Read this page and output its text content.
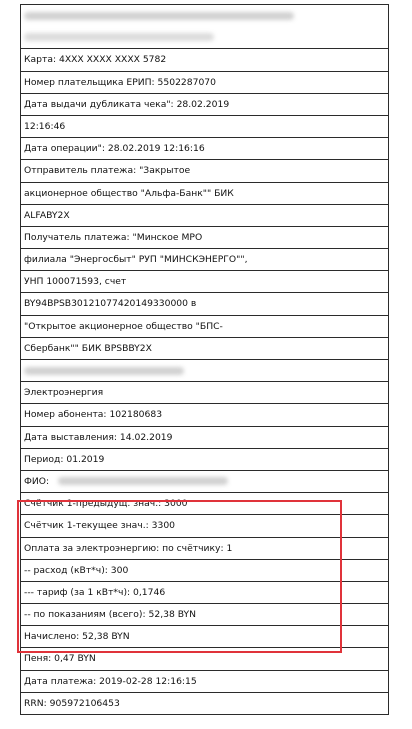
Карта: 4XXX XXXX XXXX 5782
Номер плательщика ЕРИП: 5502287070
Дата выдачи дубликата чека": 28.02.2019
12:16:46
Дата операции": 28.02.2019 12:16:16
Отправитель платежа: "Закрытое
акционерное общество "Альфа-Банк"" БИК
ALFABY2X
Получатель платежа: "Минское МРО
филиала "Энергосбыт" РУП "МИНСКЭНЕРГО"",
УНП 100071593, счет
BY94BPSB30121077420149330000 в
"Открытое акционерное общество "БПС-
Сбербанк"" БИК BPSBBY2X
Электроэнергия
Номер абонента: 102180683
Дата выставления: 14.02.2019
Период: 01.2019
ФИО:
Счётчик 1-предыдущ. знач.: 3000
Счётчик 1-текущее знач.: 3300
Оплата за электроэнергию: по счётчику: 1
-- расход (кВт*ч): 300
--- тариф (за 1 кВт*ч): 0,1746
-- по показаниям (всего): 52,38 BYN
Начислено: 52,38 BYN
Пеня: 0,47 BYN
Дата платежа: 2019-02-28 12:16:15
RRN: 905972106453
